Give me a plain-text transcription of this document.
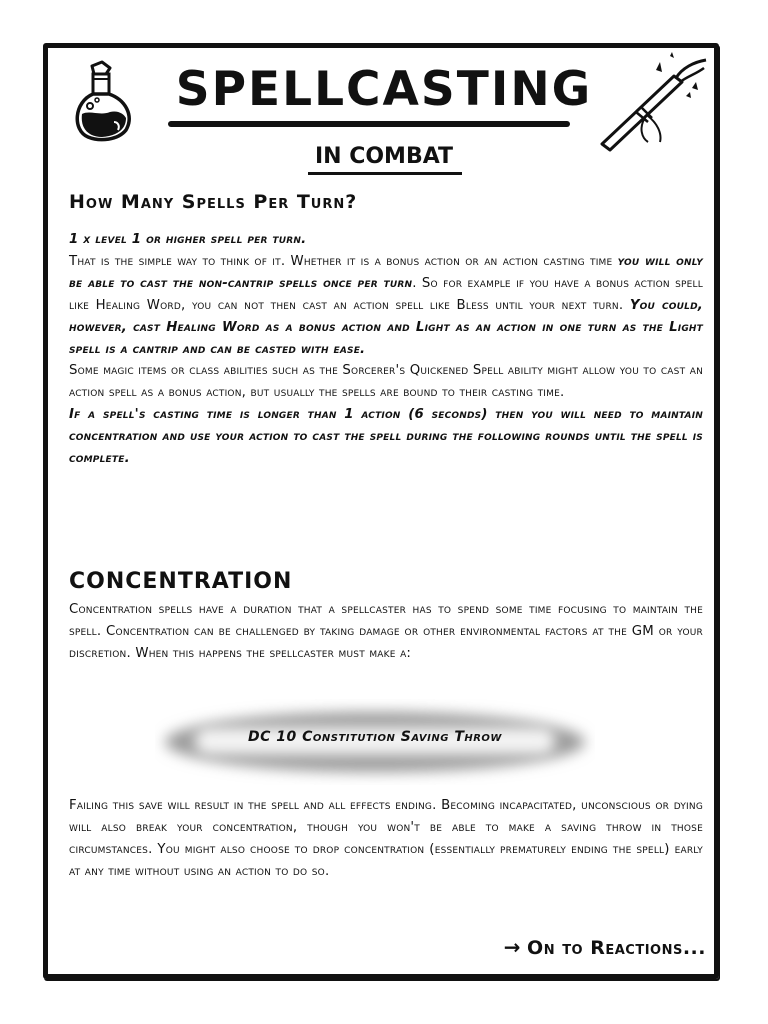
SPELLCASTING
IN COMBAT
How Many Spells Per Turn?
1 x level 1 or higher spell per turn.
That is the simple way to think of it. Whether it is a bonus action or an action casting time you will only be able to cast the non-cantrip spells once per turn. So for example if you have a bonus action spell like Healing Word, you can not then cast an action spell like Bless until your next turn. You could, however, cast Healing Word as a bonus action and Light as an action in one turn as the Light spell is a cantrip and can be casted with ease.
Some magic items or class abilities such as the Sorcerer's Quickened Spell ability might allow you to cast an action spell as a bonus action, but usually the spells are bound to their casting time.
If a spell's casting time is longer than 1 action (6 seconds) then you will need to maintain concentration and use your action to cast the spell during the following rounds until the spell is complete.
CONCENTRATION
Concentration spells have a duration that a spellcaster has to spend some time focusing to maintain the spell. Concentration can be challenged by taking damage or other environmental factors at the GM or your discretion. When this happens the spellcaster must make a:
DC 10 Constitution Saving Throw
Failing this save will result in the spell and all effects ending. Becoming incapacitated, unconscious or dying will also break your concentration, though you won't be able to make a saving throw in those circumstances. You might also choose to drop concentration (essentially prematurely ending the spell) early at any time without using an action to do so.
→ On to Reactions...
